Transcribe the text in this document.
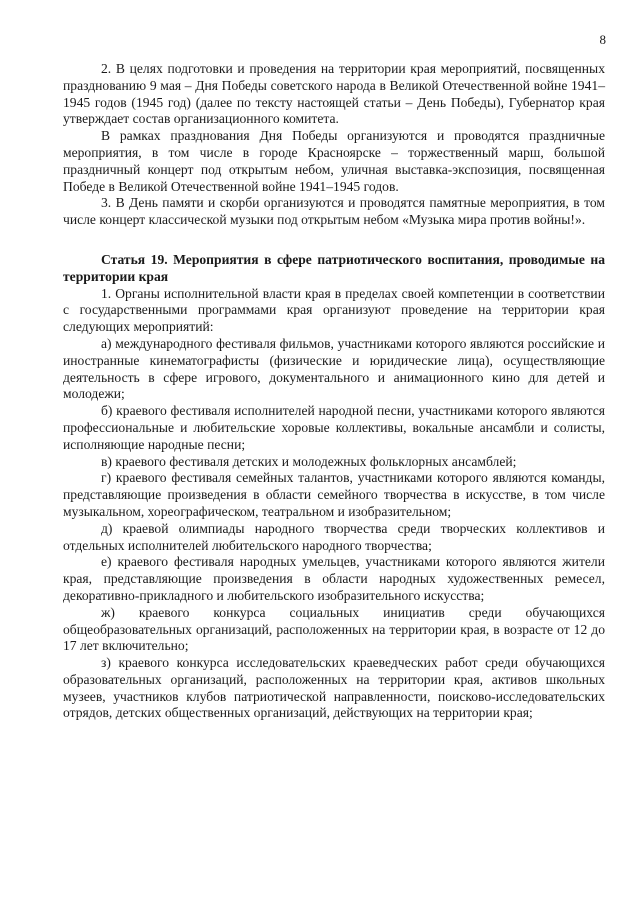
8

2. В целях подготовки и проведения на территории края мероприятий, посвященных празднованию 9 мая – Дня Победы советского народа в Великой Отечественной войне 1941–1945 годов (1945 год) (далее по тексту настоящей статьи – День Победы), Губернатор края утверждает состав организационного комитета.

В рамках празднования Дня Победы организуются и проводятся праздничные мероприятия, в том числе в городе Красноярске – торжественный марш, большой праздничный концерт под открытым небом, уличная выставка-экспозиция, посвященная Победе в Великой Отечественной войне 1941–1945 годов.

3. В День памяти и скорби организуются и проводятся памятные мероприятия, в том числе концерт классической музыки под открытым небом «Музыка мира против войны!».

Статья 19. Мероприятия в сфере патриотического воспитания, проводимые на территории края

1. Органы исполнительной власти края в пределах своей компетенции в соответствии с государственными программами края организуют проведение на территории края следующих мероприятий:

а) международного фестиваля фильмов, участниками которого являются российские и иностранные кинематографисты (физические и юридические лица), осуществляющие деятельность в сфере игрового, документального и анимационного кино для детей и молодежи;

б) краевого фестиваля исполнителей народной песни, участниками которого являются профессиональные и любительские хоровые коллективы, вокальные ансамбли и солисты, исполняющие народные песни;

в) краевого фестиваля детских и молодежных фольклорных ансамблей;

г) краевого фестиваля семейных талантов, участниками которого являются команды, представляющие произведения в области семейного творчества в искусстве, в том числе музыкальном, хореографическом, театральном и изобразительном;

д) краевой олимпиады народного творчества среди творческих коллективов и отдельных исполнителей любительского народного творчества;

е) краевого фестиваля народных умельцев, участниками которого являются жители края, представляющие произведения в области народных художественных ремесел, декоративно-прикладного и любительского изобразительного искусства;

ж) краевого конкурса социальных инициатив среди обучающихся общеобразовательных организаций, расположенных на территории края, в возрасте от 12 до 17 лет включительно;

з) краевого конкурса исследовательских краеведческих работ среди обучающихся образовательных организаций, расположенных на территории края, активов школьных музеев, участников клубов патриотической направленности, поисково-исследовательских отрядов, детских общественных организаций, действующих на территории края;
